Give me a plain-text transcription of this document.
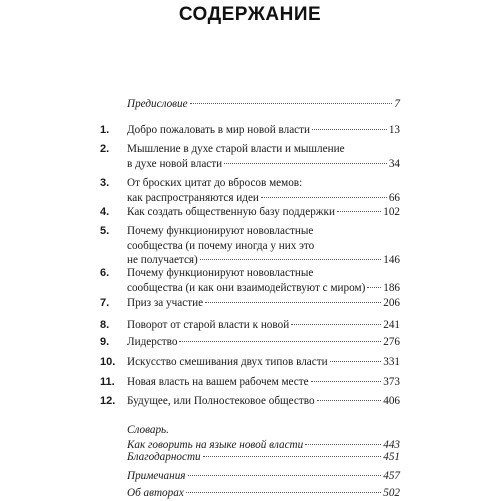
СОДЕРЖАНИЕ
Предисловие	7
1. Добро пожаловать в мир новой власти	13
2. Мышление в духе старой власти и мышление
в духе новой власти	34
3. От броских цитат до вбросов мемов:
как распространяются идеи	66
4. Как создать общественную базу поддержки	102
5. Почему функционируют нововластные
сообщества (и почему иногда у них это
не получается)	146
6. Почему функционируют нововластные
сообщества (и как они взаимодействуют с миром) 186
7. Приз за участие	206
8. Поворот от старой власти к новой	241
9. Лидерство	276
10. Искусство смешивания двух типов власти	331
11. Новая власть на вашем рабочем месте	373
12. Будущее, или Полностековое общество	406
Словарь.
Как говорить на языке новой власти	443
Благодарности	451
Примечания	457
Об авторах	502
